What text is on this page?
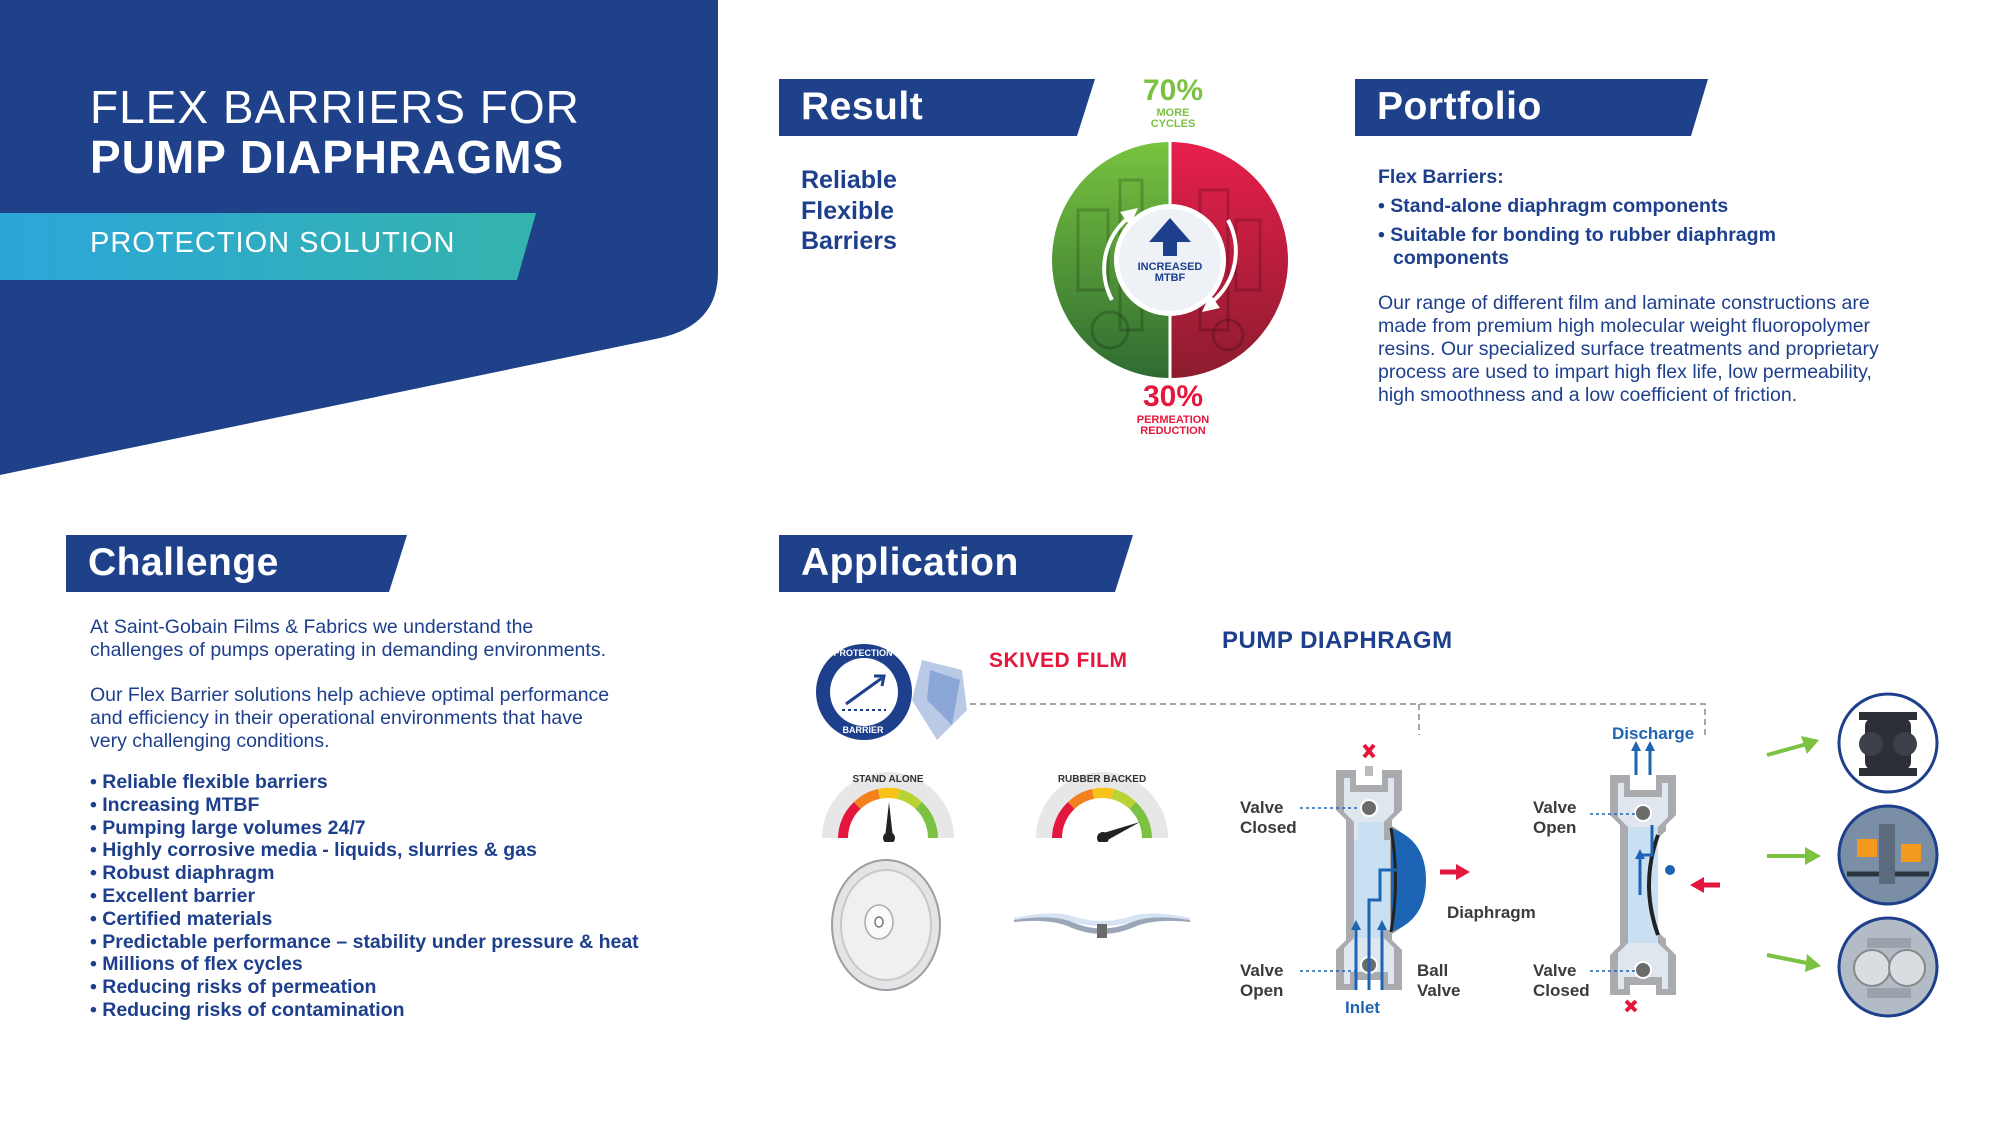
FLEX BARRIERS FOR
PUMP DIAPHRAGMS
PROTECTION SOLUTION
Result
Reliable
Flexible
Barriers
70%
MORE
CYCLES
INCREASED
MTBF
30%
PERMEATION
REDUCTION
Portfolio
Flex Barriers:
• Stand-alone diaphragm components
• Suitable for bonding to rubber diaphragm
components
Our range of different film and laminate constructions are
made from premium high molecular weight fluoropolymer
resins. Our specialized surface treatments and proprietary
process are used to impart high flex life, low permeability,
high smoothness and a low coefficient of friction.
Challenge
At Saint-Gobain Films & Fabrics we understand the
challenges of pumps operating in demanding environments.
Our Flex Barrier solutions help achieve optimal performance
and efficiency in their operational environments that have
very challenging conditions.
• Reliable flexible barriers
• Increasing MTBF
• Pumping large volumes 24/7
• Highly corrosive media - liquids, slurries & gas
• Robust diaphragm
• Excellent barrier
• Certified materials
• Predictable performance – stability under pressure & heat
• Millions of flex cycles
• Reducing risks of permeation
• Reducing risks of contamination
Application
SKIVED FILM
PUMP DIAPHRAGM
PROTECTION
BARRIER
STAND ALONE	RUBBER BACKED
Valve
Closed
Valve
Open
Diaphragm
Ball
Valve
Inlet
Discharge
Valve
Open
Valve
Closed
